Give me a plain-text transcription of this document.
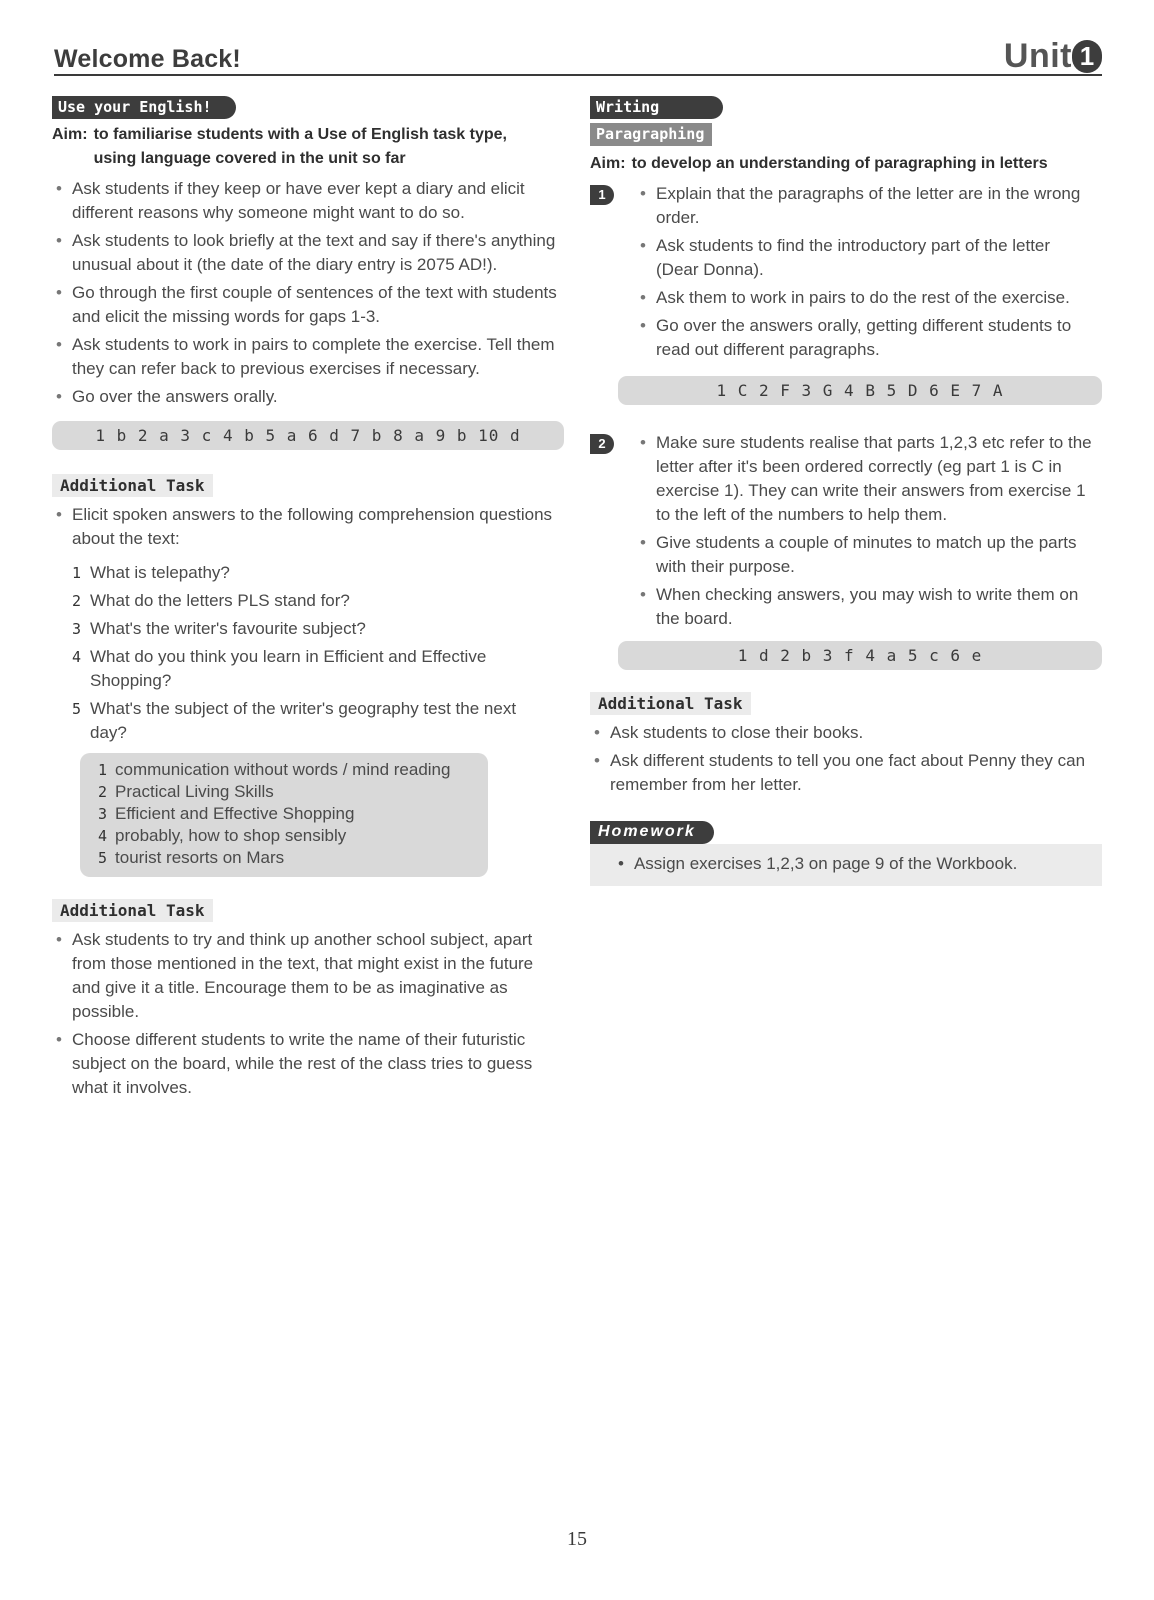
Welcome Back!	Unit 1
Use your English!
Aim: to familiarise students with a Use of English task type, using language covered in the unit so far
• Ask students if they keep or have ever kept a diary and elicit different reasons why someone might want to do so.
• Ask students to look briefly at the text and say if there's anything unusual about it (the date of the diary entry is 2075 AD!).
• Go through the first couple of sentences of the text with students and elicit the missing words for gaps 1-3.
• Ask students to work in pairs to complete the exercise. Tell them they can refer back to previous exercises if necessary.
• Go over the answers orally.
1 b 2 a 3 c 4 b 5 a 6 d 7 b 8 a 9 b 10 d
Additional Task
• Elicit spoken answers to the following comprehension questions about the text:
1 What is telepathy?
2 What do the letters PLS stand for?
3 What's the writer's favourite subject?
4 What do you think you learn in Efficient and Effective Shopping?
5 What's the subject of the writer's geography test the next day?
1 communication without words / mind reading
2 Practical Living Skills
3 Efficient and Effective Shopping
4 probably, how to shop sensibly
5 tourist resorts on Mars
Additional Task
• Ask students to try and think up another school subject, apart from those mentioned in the text, that might exist in the future and give it a title. Encourage them to be as imaginative as possible.
• Choose different students to write the name of their futuristic subject on the board, while the rest of the class tries to guess what it involves.
Writing
Paragraphing
Aim: to develop an understanding of paragraphing in letters
1	• Explain that the paragraphs of the letter are in the wrong order.
• Ask students to find the introductory part of the letter (Dear Donna).
• Ask them to work in pairs to do the rest of the exercise.
• Go over the answers orally, getting different students to read out different paragraphs.
1 C 2 F 3 G 4 B 5 D 6 E 7 A
2	• Make sure students realise that parts 1,2,3 etc refer to the letter after it's been ordered correctly (eg part 1 is C in exercise 1). They can write their answers from exercise 1 to the left of the numbers to help them.
• Give students a couple of minutes to match up the parts with their purpose.
• When checking answers, you may wish to write them on the board.
1 d 2 b 3 f 4 a 5 c 6 e
Additional Task
• Ask students to close their books.
• Ask different students to tell you one fact about Penny they can remember from her letter.
Homework
• Assign exercises 1,2,3 on page 9 of the Workbook.
15
